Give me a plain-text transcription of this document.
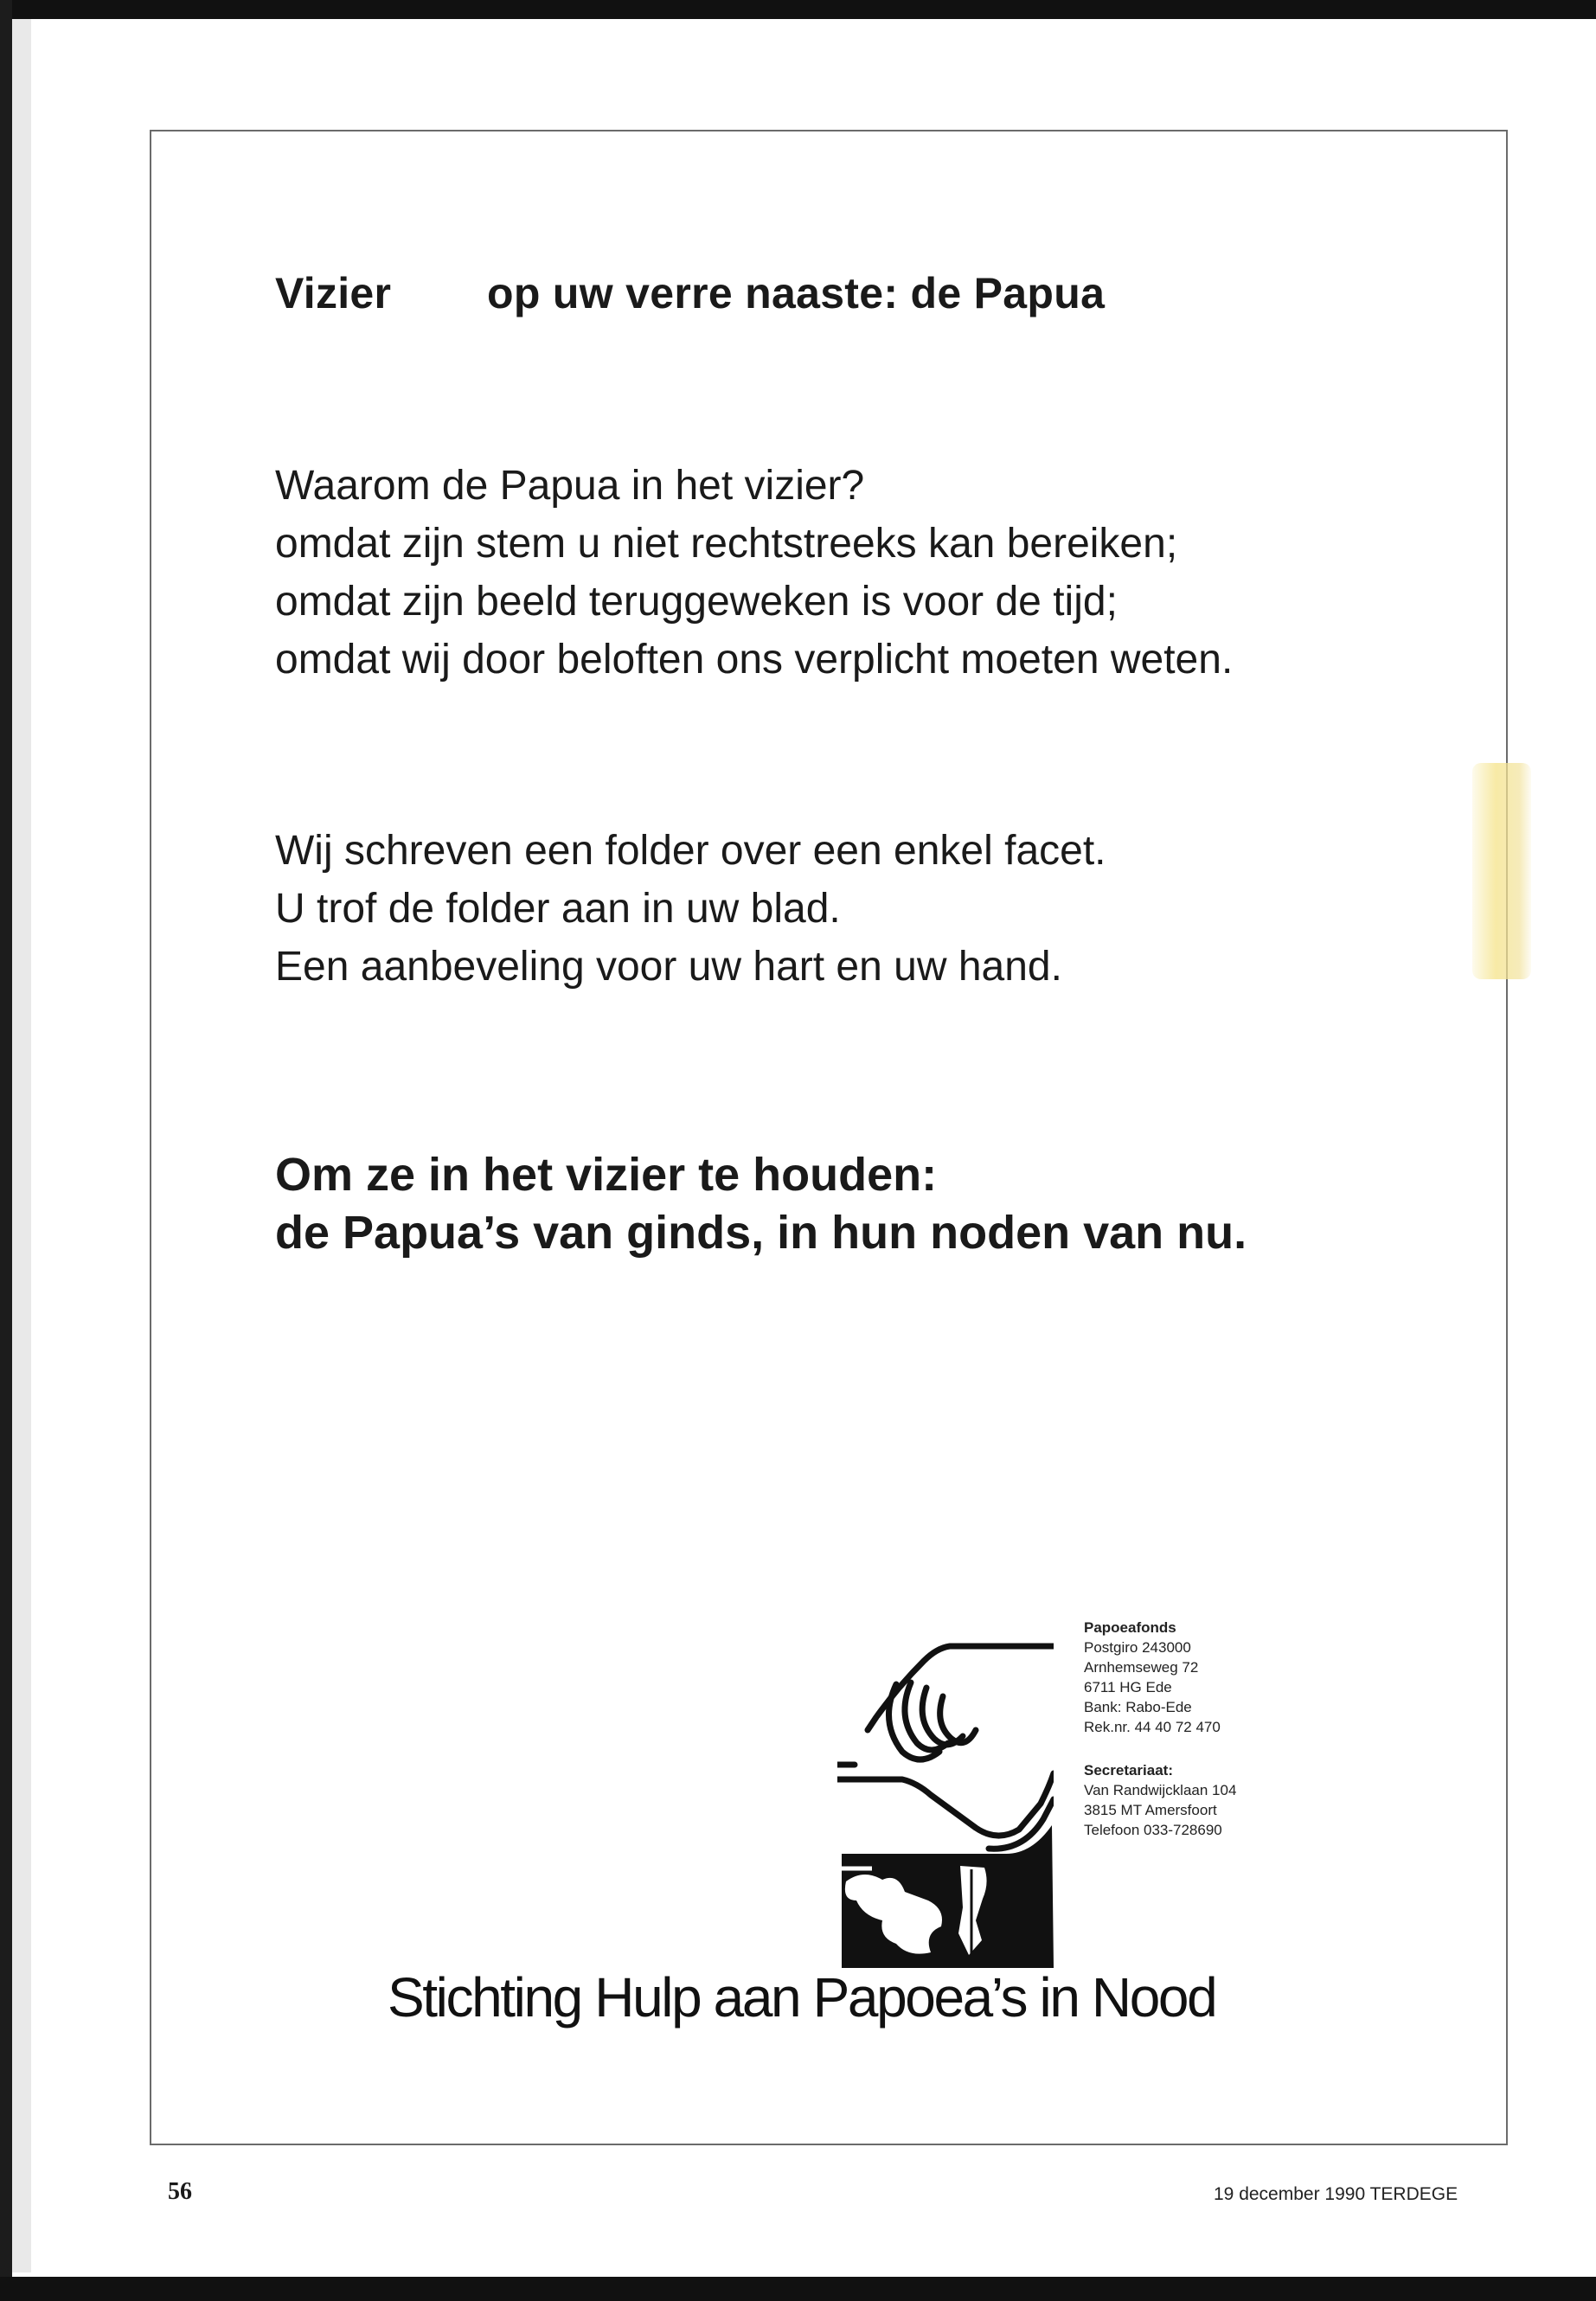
Vizier op uw verre naaste: de Papua
Waarom de Papua in het vizier?
omdat zijn stem u niet rechtstreeks kan bereiken;
omdat zijn beeld teruggeweken is voor de tijd;
omdat wij door beloften ons verplicht moeten weten.
Wij schreven een folder over een enkel facet.
U trof de folder aan in uw blad.
Een aanbeveling voor uw hart en uw hand.
Om ze in het vizier te houden:
de Papua’s van ginds, in hun noden van nu.
Papoeafonds
Postgiro 243000
Arnhemseweg 72
6711 HG Ede
Bank: Rabo-Ede
Rek.nr. 44 40 72 470
Secretariaat:
Van Randwijcklaan 104
3815 MT Amersfoort
Telefoon 033-728690
Stichting Hulp aan Papoea’s in Nood
56	19 december 1990 TERDEGE
